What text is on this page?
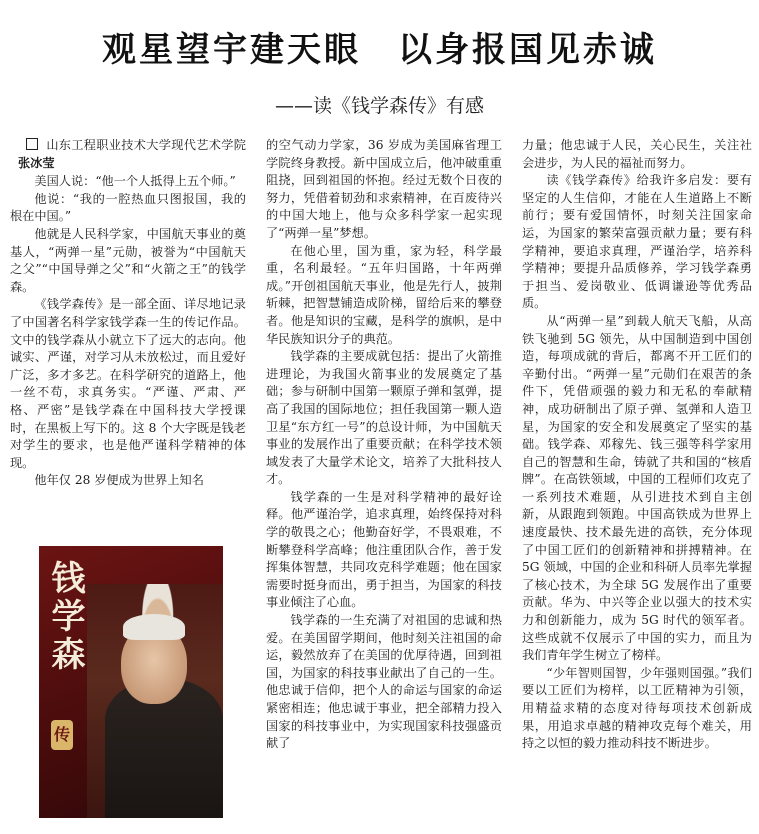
观星望宇建天眼　以身报国见赤诚
——读《钱学森传》有感

山东工程职业技术大学现代艺术学院张冰莹

美国人说：“他一个人抵得上五个师。”

他说：“我的一腔热血只图报国，我的根在中国。”

他就是人民科学家，中国航天事业的奠基人，“两弹一星”元勋，被誉为“中国航天之父”“中国导弹之父”和“火箭之王”的钱学森。

《钱学森传》是一部全面、详尽地记录了中国著名科学家钱学森一生的传记作品。文中的钱学森从小就立下了远大的志向。他诚实、严谨，对学习从未放松过，而且爱好广泛，多才多艺。在科学研究的道路上，他一丝不苟，求真务实。“严谨、严肃、严格、严密”是钱学森在中国科技大学授课时，在黑板上写下的。这 8 个大字既是钱老对学生的要求，也是他严谨科学精神的体现。

他年仅 28 岁便成为世界上知名

钱学森
传

的空气动力学家，36 岁成为美国麻省理工学院终身教授。新中国成立后，他冲破重重阻挠，回到祖国的怀抱。经过无数个日夜的努力，凭借着韧劲和求索精神，在百废待兴的中国大地上，他与众多科学家一起实现了“两弹一星”梦想。

在他心里，国为重，家为轻，科学最重，名利最轻。“五年归国路，十年两弹成。”开创祖国航天事业，他是先行人，披荆斩棘，把智慧铺造成阶梯，留给后来的攀登者。他是知识的宝藏，是科学的旗帜，是中华民族知识分子的典范。

钱学森的主要成就包括：提出了火箭推进理论，为我国火箭事业的发展奠定了基础；参与研制中国第一颗原子弹和氢弹，提高了我国的国际地位；担任我国第一颗人造卫星“东方红一号”的总设计师，为中国航天事业的发展作出了重要贡献；在科学技术领域发表了大量学术论文，培养了大批科技人才。

钱学森的一生是对科学精神的最好诠释。他严谨治学，追求真理，始终保持对科学的敬畏之心；他勤奋好学，不畏艰难，不断攀登科学高峰；他注重团队合作，善于发挥集体智慧，共同攻克科学难题；他在国家需要时挺身而出，勇于担当，为国家的科技事业倾注了心血。

钱学森的一生充满了对祖国的忠诚和热爱。在美国留学期间，他时刻关注祖国的命运，毅然放弃了在美国的优厚待遇，回到祖国，为国家的科技事业献出了自己的一生。他忠诚于信仰，把个人的命运与国家的命运紧密相连；他忠诚于事业，把全部精力投入国家的科技事业中，为实现国家科技强盛贡献了

力量；他忠诚于人民，关心民生，关注社会进步，为人民的福祉而努力。

读《钱学森传》给我许多启发：要有坚定的人生信仰，才能在人生道路上不断前行；要有爱国情怀，时刻关注国家命运，为国家的繁荣富强贡献力量；要有科学精神，要追求真理，严谨治学，培养科学精神；要提升品质修养，学习钱学森勇于担当、爱岗敬业、低调谦逊等优秀品质。

从“两弹一星”到载人航天飞船，从高铁飞驰到 5G 领先，从中国制造到中国创造，每项成就的背后，都离不开工匠们的辛勤付出。“两弹一星”元勋们在艰苦的条件下，凭借顽强的毅力和无私的奉献精神，成功研制出了原子弹、氢弹和人造卫星，为国家的安全和发展奠定了坚实的基础。钱学森、邓稼先、钱三强等科学家用自己的智慧和生命，铸就了共和国的“核盾牌”。在高铁领域，中国的工程师们攻克了一系列技术难题，从引进技术到自主创新，从跟跑到领跑。中国高铁成为世界上速度最快、技术最先进的高铁，充分体现了中国工匠们的创新精神和拼搏精神。在 5G 领域，中国的企业和科研人员率先掌握了核心技术，为全球 5G 发展作出了重要贡献。华为、中兴等企业以强大的技术实力和创新能力，成为 5G 时代的领军者。这些成就不仅展示了中国的实力，而且为我们青年学生树立了榜样。

“少年智则国智，少年强则国强。”我们要以工匠们为榜样，以工匠精神为引领，用精益求精的态度对待每项技术创新成果，用追求卓越的精神攻克每个难关，用持之以恒的毅力推动科技不断进步。
